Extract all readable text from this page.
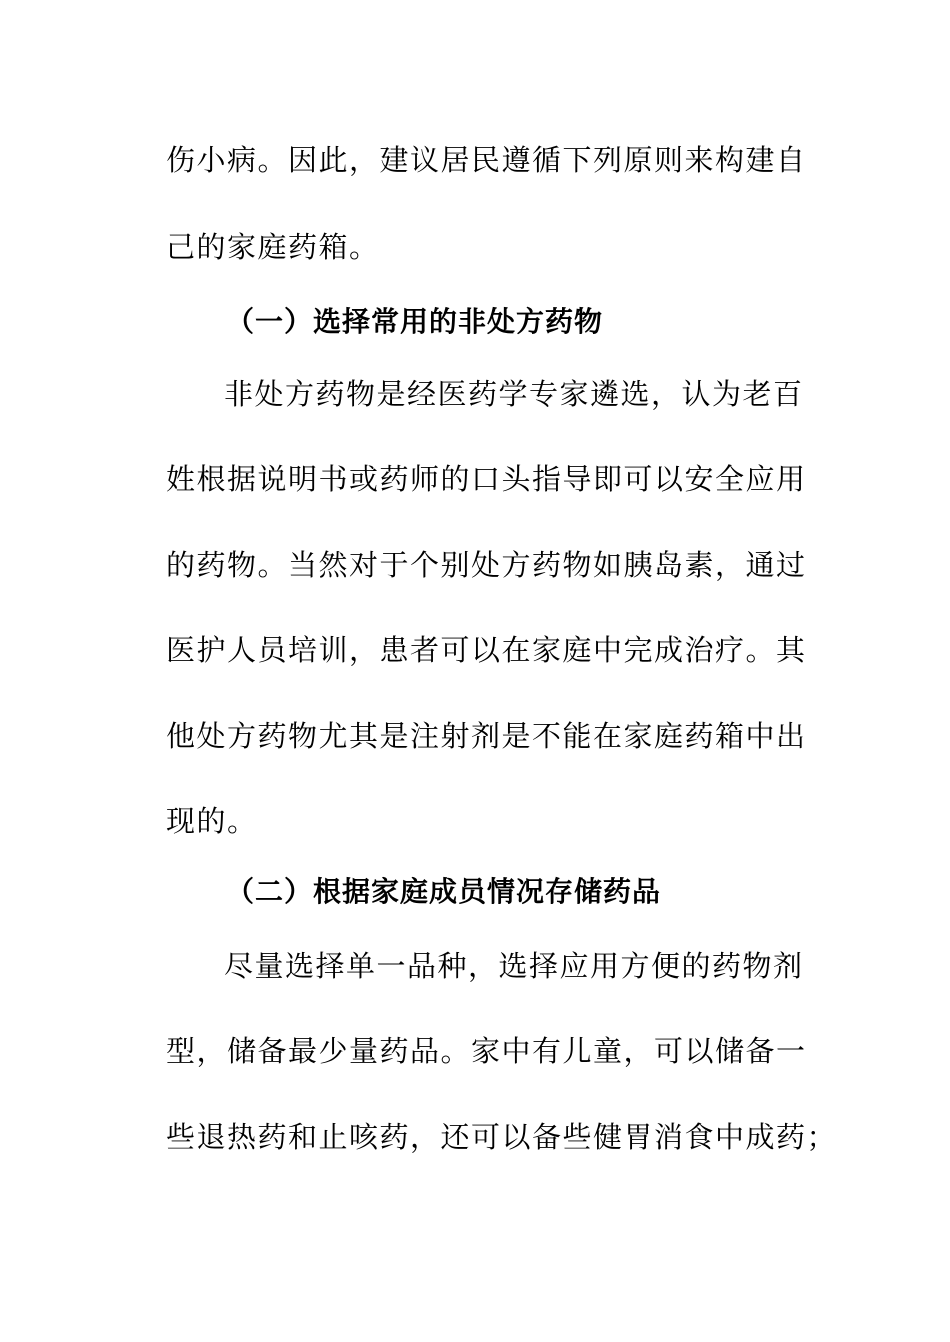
伤小病。因此，建议居民遵循下列原则来构建自
己的家庭药箱。
（一）选择常用的非处方药物
非处方药物是经医药学专家遴选，认为老百
姓根据说明书或药师的口头指导即可以安全应用
的药物。当然对于个别处方药物如胰岛素，通过
医护人员培训，患者可以在家庭中完成治疗。其
他处方药物尤其是注射剂是不能在家庭药箱中出
现的。
（二）根据家庭成员情况存储药品
尽量选择单一品种，选择应用方便的药物剂
型，储备最少量药品。家中有儿童，可以储备一
些退热药和止咳药，还可以备些健胃消食中成药；
